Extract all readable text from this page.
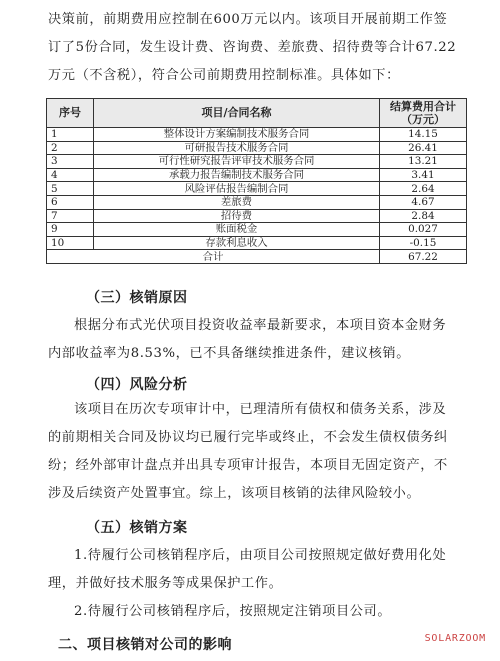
决策前，前期费用应控制在600万元以内。该项目开展前期工作签订了5份合同，发生设计费、咨询费、差旅费、招待费等合计67.22万元（不含税），符合公司前期费用控制标准。具体如下：
序号	项目/合同名称	结算费用合计（万元）
1	整体设计方案编制技术服务合同	14.15
2	可研报告技术服务合同	26.41
3	可行性研究报告评审技术服务合同	13.21
4	承载力报告编制技术服务合同	3.41
5	风险评估报告编制合同	2.64
6	差旅费	4.67
7	招待费	2.84
9	账面税金	0.027
10	存款利息收入	-0.15
合计		67.22
（三）核销原因
根据分布式光伏项目投资收益率最新要求，本项目资本金财务内部收益率为8.53%，已不具备继续推进条件，建议核销。
（四）风险分析
该项目在历次专项审计中，已理清所有债权和债务关系，涉及的前期相关合同及协议均已履行完毕或终止，不会发生债权债务纠纷；经外部审计盘点并出具专项审计报告，本项目无固定资产，不涉及后续资产处置事宜。综上，该项目核销的法律风险较小。
（五）核销方案
1.待履行公司核销程序后，由项目公司按照规定做好费用化处理，并做好技术服务等成果保护工作。
2.待履行公司核销程序后，按照规定注销项目公司。
二、项目核销对公司的影响	SOLARZOOM
